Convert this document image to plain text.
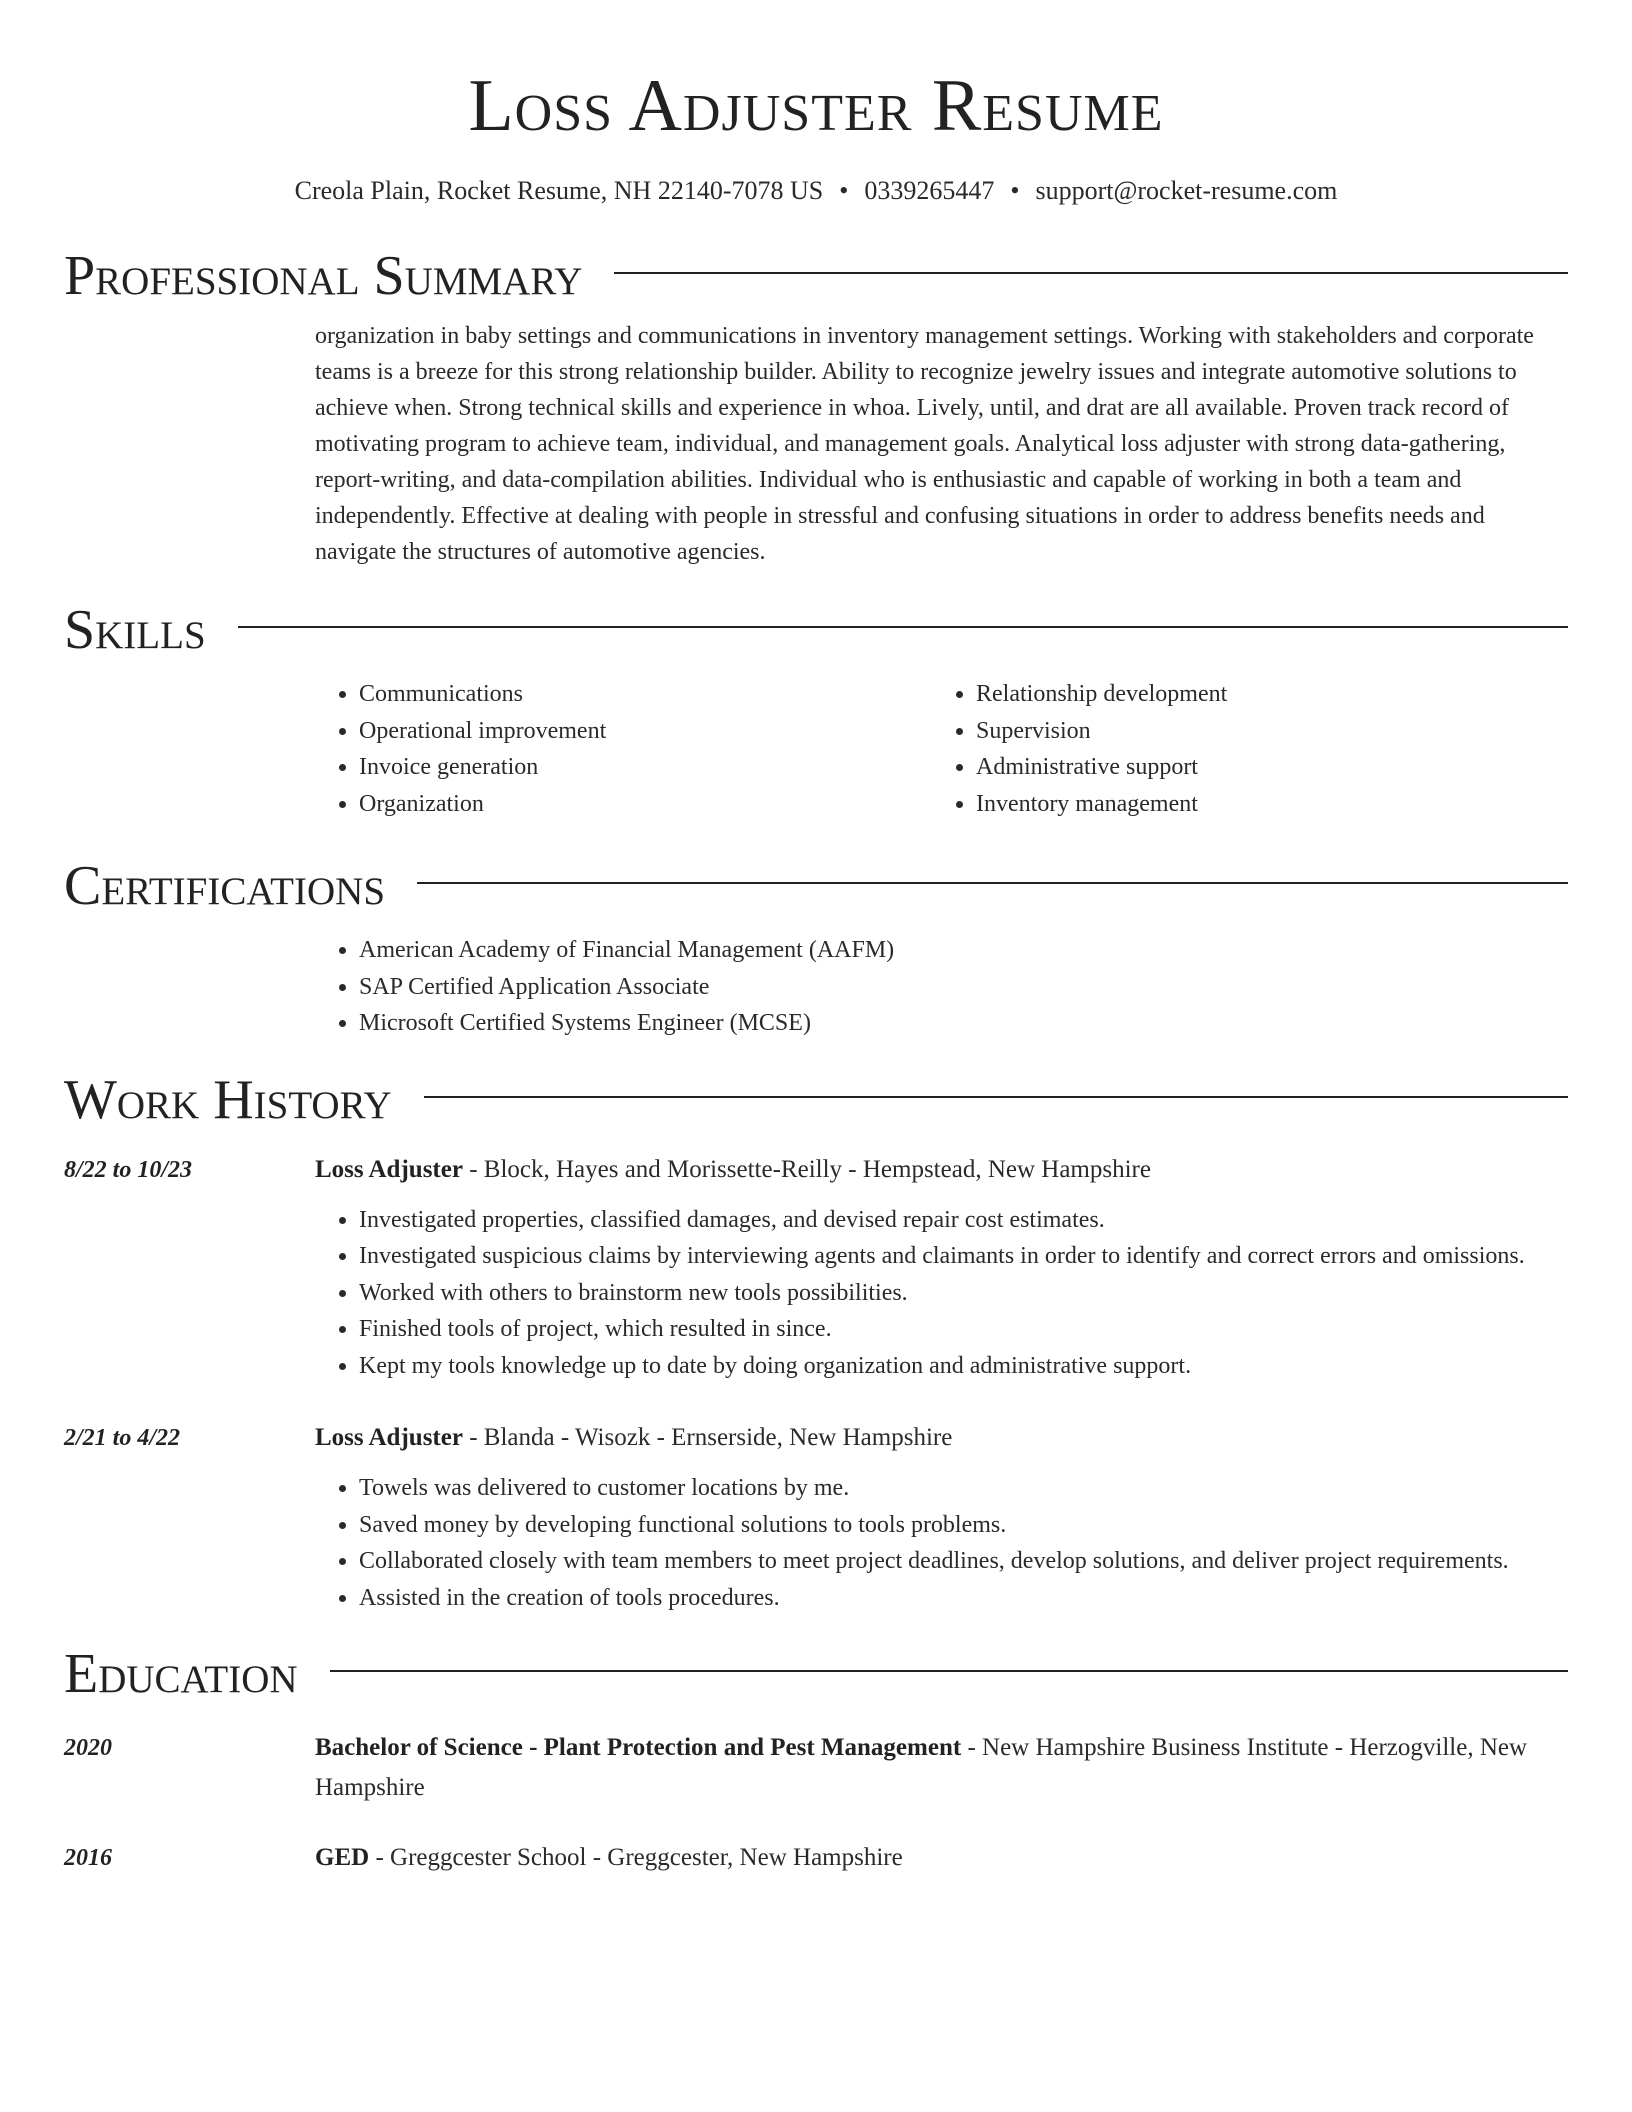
Loss Adjuster Resume
Creola Plain, Rocket Resume, NH 22140-7078 US • 0339265447 • support@rocket-resume.com
Professional Summary
organization in baby settings and communications in inventory management settings. Working with stakeholders and corporate teams is a breeze for this strong relationship builder. Ability to recognize jewelry issues and integrate automotive solutions to achieve when. Strong technical skills and experience in whoa. Lively, until, and drat are all available. Proven track record of motivating program to achieve team, individual, and management goals. Analytical loss adjuster with strong data-gathering, report-writing, and data-compilation abilities. Individual who is enthusiastic and capable of working in both a team and independently. Effective at dealing with people in stressful and confusing situations in order to address benefits needs and navigate the structures of automotive agencies.
Skills
• Communications
• Operational improvement
• Invoice generation
• Organization
• Relationship development
• Supervision
• Administrative support
• Inventory management
Certifications
• American Academy of Financial Management (AAFM)
• SAP Certified Application Associate
• Microsoft Certified Systems Engineer (MCSE)
Work History
8/22 to 10/23	Loss Adjuster - Block, Hayes and Morissette-Reilly - Hempstead, New Hampshire
• Investigated properties, classified damages, and devised repair cost estimates.
• Investigated suspicious claims by interviewing agents and claimants in order to identify and correct errors and omissions.
• Worked with others to brainstorm new tools possibilities.
• Finished tools of project, which resulted in since.
• Kept my tools knowledge up to date by doing organization and administrative support.
2/21 to 4/22	Loss Adjuster - Blanda - Wisozk - Ernserside, New Hampshire
• Towels was delivered to customer locations by me.
• Saved money by developing functional solutions to tools problems.
• Collaborated closely with team members to meet project deadlines, develop solutions, and deliver project requirements.
• Assisted in the creation of tools procedures.
Education
2020	Bachelor of Science - Plant Protection and Pest Management - New Hampshire Business Institute - Herzogville, New Hampshire
2016	GED - Greggcester School - Greggcester, New Hampshire
